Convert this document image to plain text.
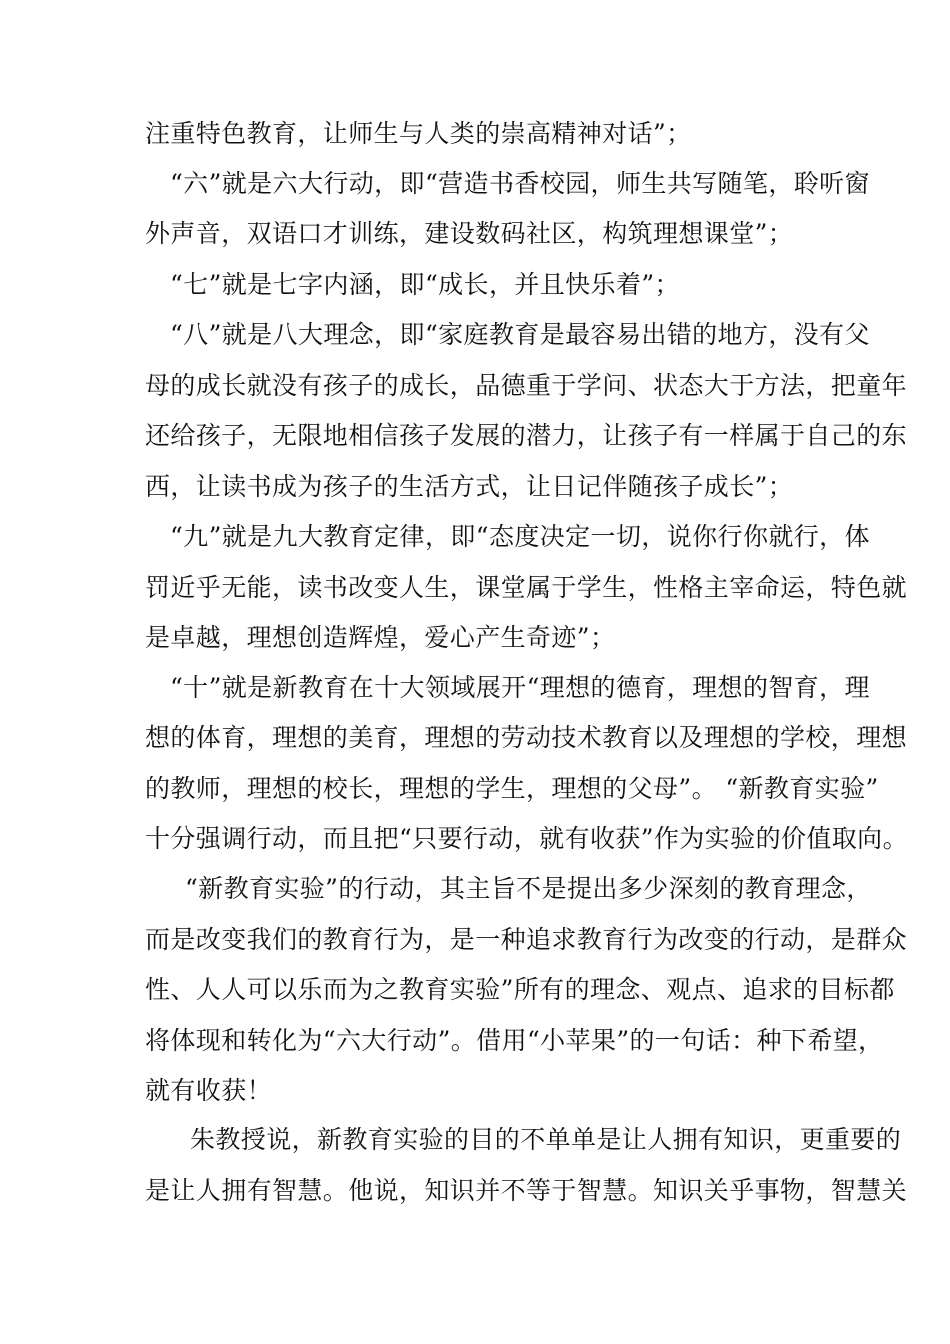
注重特色教育，让师生与人类的崇高精神对话”；
“六”就是六大行动，即“营造书香校园，师生共写随笔，聆听窗
外声音，双语口才训练，建设数码社区，构筑理想课堂”；
“七”就是七字内涵，即“成长，并且快乐着”；
“八”就是八大理念，即“家庭教育是最容易出错的地方，没有父
母的成长就没有孩子的成长，品德重于学问、状态大于方法，把童年
还给孩子，无限地相信孩子发展的潜力，让孩子有一样属于自己的东
西，让读书成为孩子的生活方式，让日记伴随孩子成长”；
“九”就是九大教育定律，即“态度决定一切，说你行你就行，体
罚近乎无能，读书改变人生，课堂属于学生，性格主宰命运，特色就
是卓越，理想创造辉煌，爱心产生奇迹”；
“十”就是新教育在十大领域展开“理想的德育，理想的智育，理
想的体育，理想的美育，理想的劳动技术教育以及理想的学校，理想
的教师，理想的校长，理想的学生，理想的父母”。 “新教育实验”
十分强调行动，而且把“只要行动，就有收获”作为实验的价值取向。
“新教育实验”的行动，其主旨不是提出多少深刻的教育理念，
而是改变我们的教育行为，是一种追求教育行为改变的行动，是群众
性、人人可以乐而为之教育实验”所有的理念、观点、追求的目标都
将体现和转化为“六大行动”。借用“小苹果”的一句话：种下希望，
就有收获！
朱教授说，新教育实验的目的不单单是让人拥有知识，更重要的
是让人拥有智慧。他说，知识并不等于智慧。知识关乎事物，智慧关
